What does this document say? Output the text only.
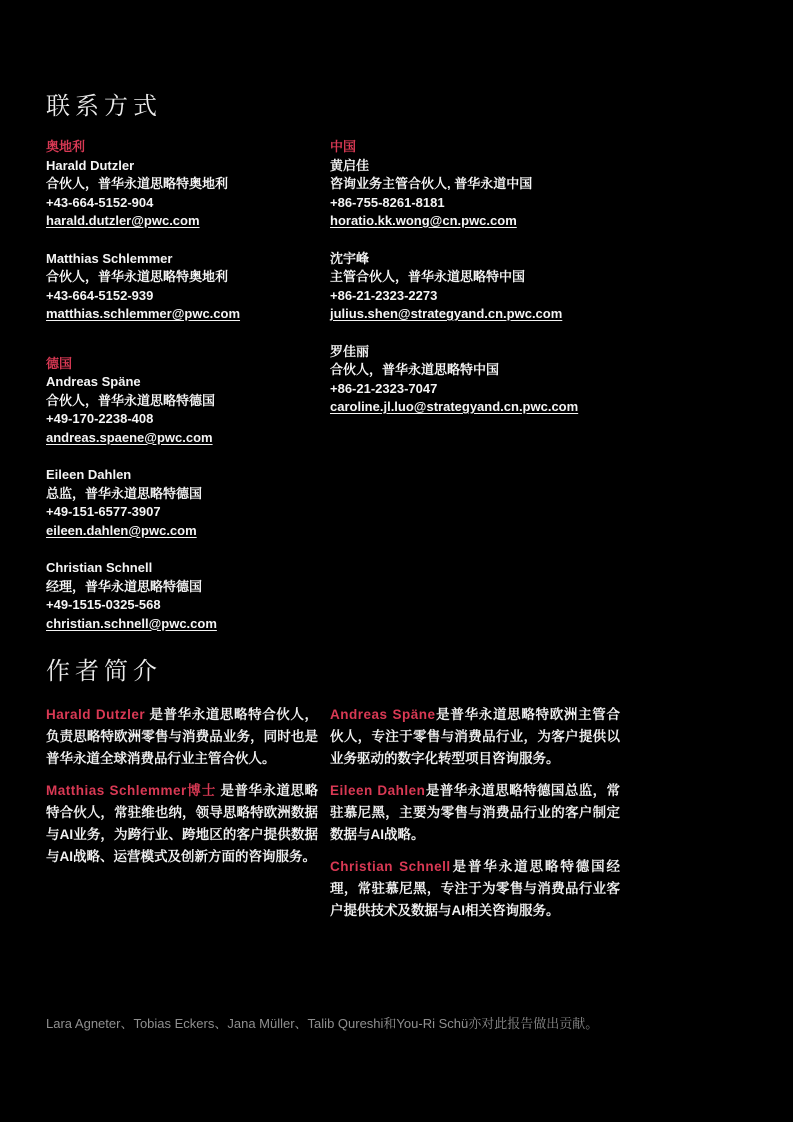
联系方式
奥地利
Harald Dutzler
合伙人，普华永道思略特奥地利
+43-664-5152-904
harald.dutzler@pwc.com
Matthias Schlemmer
合伙人，普华永道思略特奥地利
+43-664-5152-939
matthias.schlemmer@pwc.com
德国
Andreas Späne
合伙人，普华永道思略特德国
+49-170-2238-408
andreas.spaene@pwc.com
Eileen Dahlen
总监，普华永道思略特德国
+49-151-6577-3907
eileen.dahlen@pwc.com
Christian Schnell
经理，普华永道思略特德国
+49-1515-0325-568
christian.schnell@pwc.com
中国
黄启佳
咨询业务主管合伙人, 普华永道中国
+86-755-8261-8181
horatio.kk.wong@cn.pwc.com
沈宇峰
主管合伙人，普华永道思略特中国
+86-21-2323-2273
julius.shen@strategyand.cn.pwc.com
罗佳丽
合伙人，普华永道思略特中国
+86-21-2323-7047
caroline.jl.luo@strategyand.cn.pwc.com
作者简介

Harald Dutzler 是普华永道思略特合伙人，负责思略特欧洲零售与消费品业务，同时也是普华永道全球消费品行业主管合伙人。

Matthias Schlemmer博士 是普华永道思略特合伙人，常驻维也纳，领导思略特欧洲数据与AI业务，为跨行业、跨地区的客户提供数据与AI战略、运营模式及创新方面的咨询服务。

Andreas Späne是普华永道思略特欧洲主管合伙人，专注于零售与消费品行业，为客户提供以业务驱动的数字化转型项目咨询服务。

Eileen Dahlen是普华永道思略特德国总监，常驻慕尼黑，主要为零售与消费品行业的客户制定数据与AI战略。

Christian Schnell是普华永道思略特德国经理，常驻慕尼黑，专注于为零售与消费品行业客户提供技术及数据与AI相关咨询服务。

Lara Agneter、Tobias Eckers、Jana Müller、Talib Qureshi和You-Ri Schü亦对此报告做出贡献。
